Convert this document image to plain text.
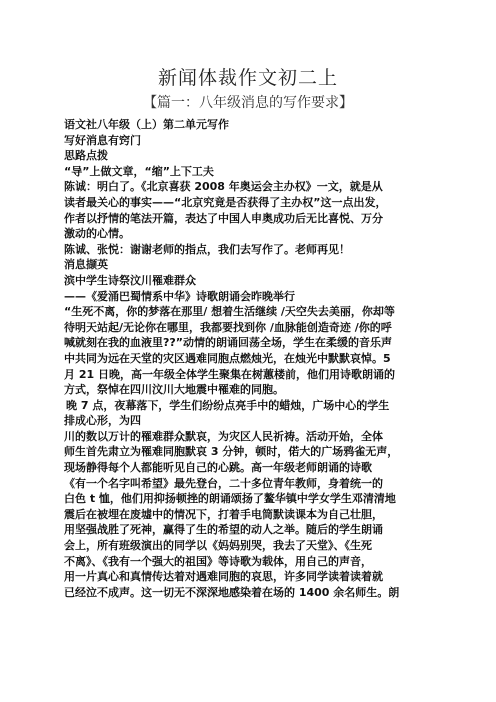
新闻体裁作文初二上
【篇一：八年级消息的写作要求】
语文社八年级（上）第二单元写作
写好消息有窍门
思路点拨
“导”上做文章，“缩”上下工夫
陈诚：明白了。《北京喜获 2008 年奥运会主办权》一文，就是从
读者最关心的事实——“北京究竟是否获得了主办权”这一点出发，
作者以抒情的笔法开篇，表达了中国人申奥成功后无比喜悦、万分
激动的心情。
陈诚、张悦：谢谢老师的指点，我们去写作了。老师再见！
消息撷英
滨中学生诗祭汶川罹难群众
——《爱涌巴蜀情系中华》诗歌朗诵会昨晚举行
“生死不离，你的梦落在那里/ 想着生活继续 /天空失去美丽，你却等
待明天站起/无论你在哪里，我都要找到你 /血脉能创造奇迹 /你的呼
喊就刻在我的血液里??”动情的朗诵回荡全场，学生在柔缓的音乐声
中共同为远在天堂的灾区遇难同胞点燃烛光，在烛光中默默哀悼。5
月 21 日晚，高一年级全体学生聚集在树蕙楼前，他们用诗歌朗诵的
方式，祭悼在四川汶川大地震中罹难的同胞。
晚 7 点，夜幕落下，学生们纷纷点亮手中的蜡烛，广场中心的学生
排成心形，为四
川的数以万计的罹难群众默哀，为灾区人民祈祷。活动开始，全体
师生首先肃立为罹难同胞默哀 3 分钟，顿时，偌大的广场鸦雀无声，
现场静得每个人都能听见自己的心跳。高一年级老师朗诵的诗歌
《有一个名字叫希望》最先登台，二十多位青年教师，身着统一的
白色 t 恤，他们用抑扬顿挫的朗诵颂扬了鳌华镇中学女学生邓清清地
震后在被埋在废墟中的情况下，打着手电筒默读课本为自己壮胆，
用坚强战胜了死神，赢得了生的希望的动人之举。随后的学生朗诵
会上，所有班级演出的同学以《妈妈别哭，我去了天堂》、《生死
不离》、《我有一个强大的祖国》等诗歌为载体，用自己的声音，
用一片真心和真情传达着对遇难同胞的哀思，许多同学读着读着就
已经泣不成声。这一切无不深深地感染着在场的 1400 余名师生。朗
